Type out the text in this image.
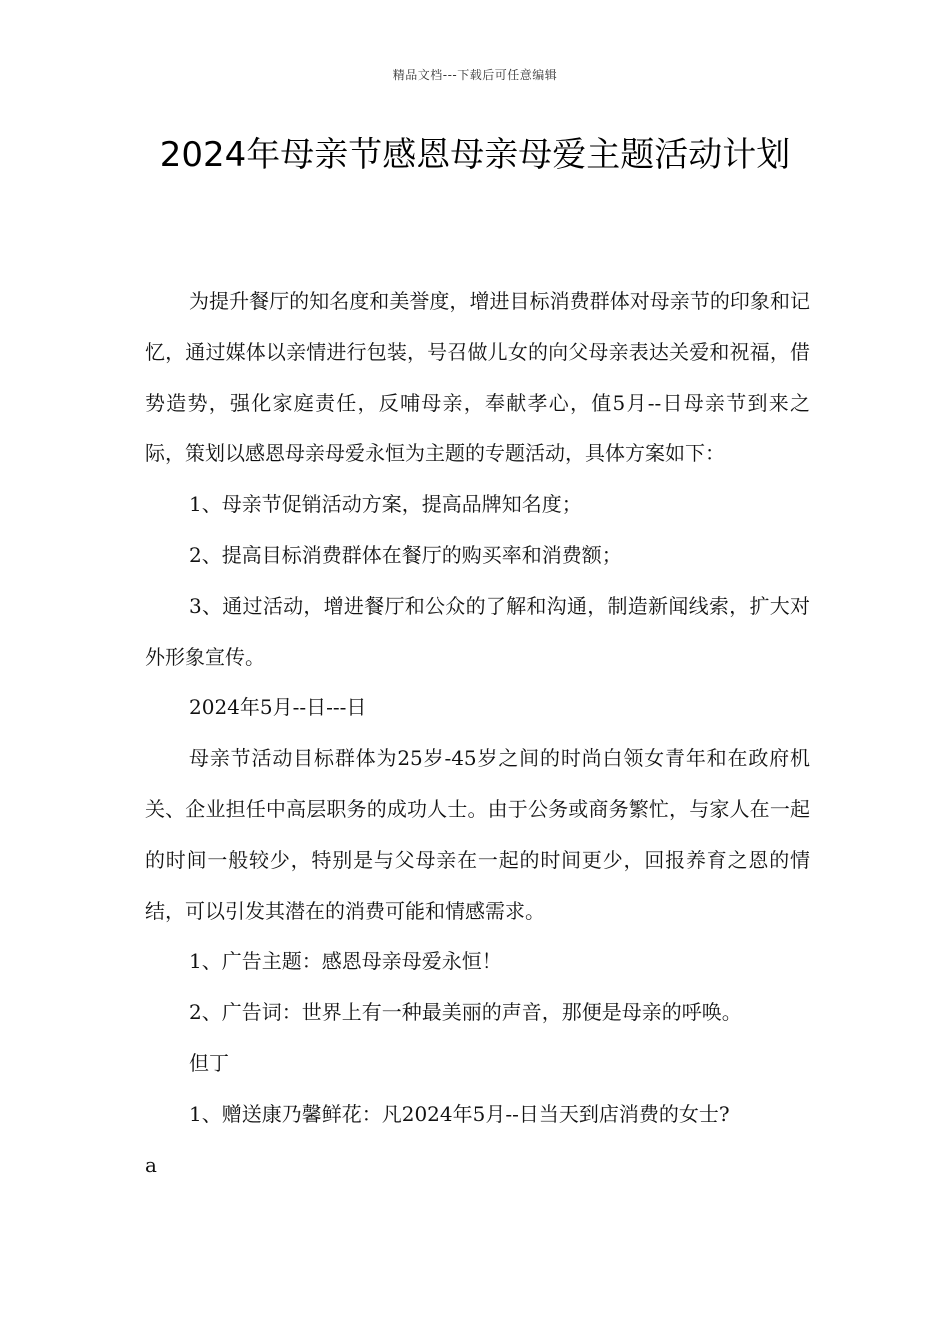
精品文档---下载后可任意编辑
2024年母亲节感恩母亲母爱主题活动计划

为提升餐厅的知名度和美誉度，增进目标消费群体对母亲节的印象和记忆，通过媒体以亲情进行包装，号召做儿女的向父母亲表达关爱和祝福，借势造势，强化家庭责任，反哺母亲，奉献孝心，值5月--日母亲节到来之际，策划以感恩母亲母爱永恒为主题的专题活动，具体方案如下：

1、母亲节促销活动方案，提高品牌知名度；

2、提高目标消费群体在餐厅的购买率和消费额；

3、通过活动，增进餐厅和公众的了解和沟通，制造新闻线索，扩大对外形象宣传。

2024年5月--日---日

母亲节活动目标群体为25岁-45岁之间的时尚白领女青年和在政府机关、企业担任中高层职务的成功人士。由于公务或商务繁忙，与家人在一起的时间一般较少，特别是与父母亲在一起的时间更少，回报养育之恩的情结，可以引发其潜在的消费可能和情感需求。

1、广告主题：感恩母亲母爱永恒！

2、广告词：世界上有一种最美丽的声音，那便是母亲的呼唤。

但丁

1、赠送康乃馨鲜花：凡2024年5月--日当天到店消费的女士?

a
